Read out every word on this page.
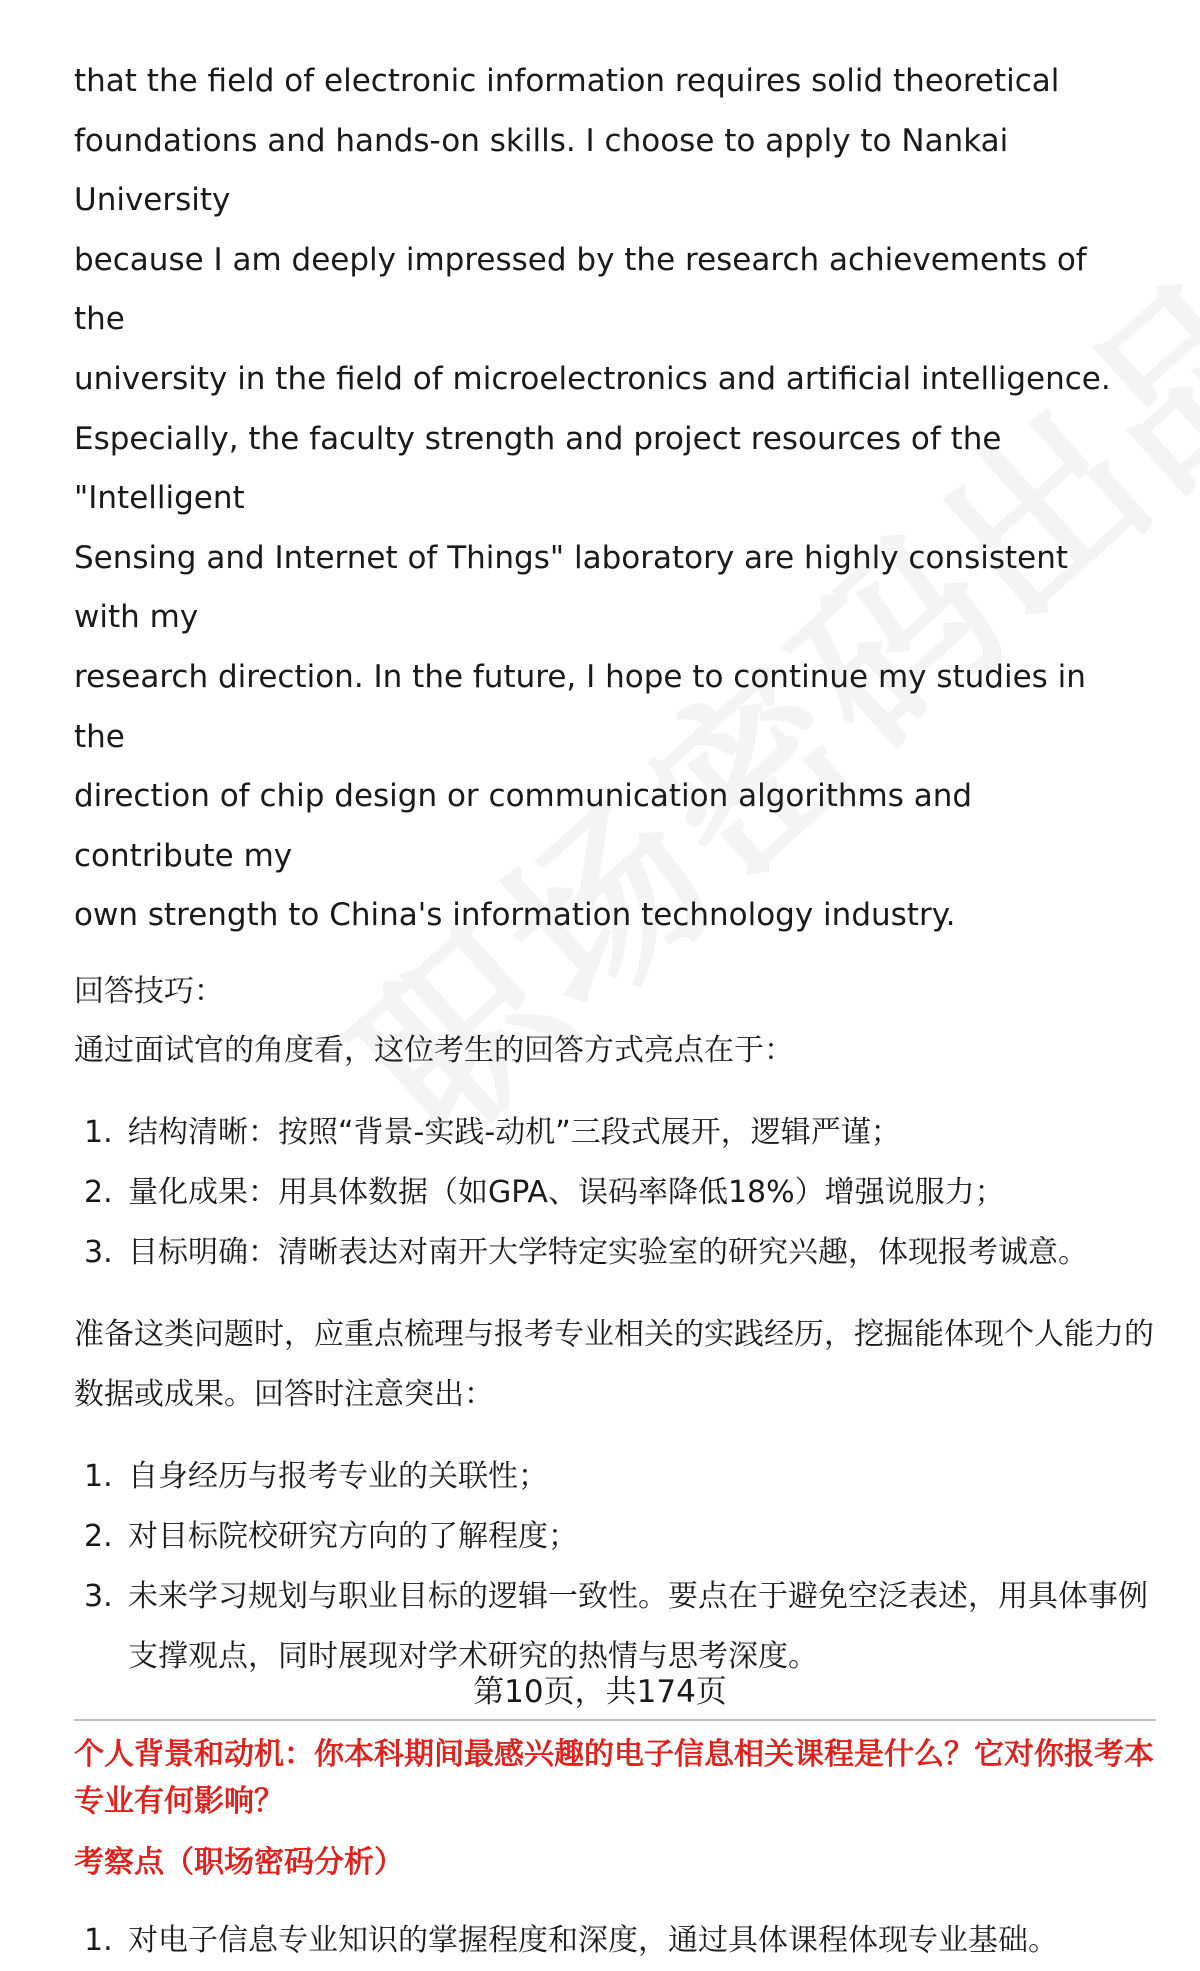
that the field of electronic information requires solid theoretical

foundations and hands-on skills. I choose to apply to Nankai University

because I am deeply impressed by the research achievements of the

university in the field of microelectronics and artificial intelligence.

Especially, the faculty strength and project resources of the "Intelligent

Sensing and Internet of Things" laboratory are highly consistent with my

research direction. In the future, I hope to continue my studies in the

direction of chip design or communication algorithms and contribute my

own strength to China's information technology industry.

回答技巧：

通过面试官的角度看，这位考生的回答方式亮点在于：

1. 结构清晰：按照“背景-实践-动机”三段式展开，逻辑严谨；
2. 量化成果：用具体数据（如GPA、误码率降低18%）增强说服力；
3. 目标明确：清晰表达对南开大学特定实验室的研究兴趣，体现报考诚意。

准备这类问题时，应重点梳理与报考专业相关的实践经历，挖掘能体现个人能力的

数据或成果。回答时注意突出：

1. 自身经历与报考专业的关联性；
2. 对目标院校研究方向的了解程度；
3. 未来学习规划与职业目标的逻辑一致性。要点在于避免空泛表述，用具体事例
支撑观点，同时展现对学术研究的热情与思考深度。

个人背景和动机：你本科期间最感兴趣的电子信息相关课程是什么？它对你报考本
专业有何影响？

考察点（职场密码分析）

1. 对电子信息专业知识的掌握程度和深度，通过具体课程体现专业基础。
第10页，共174页
